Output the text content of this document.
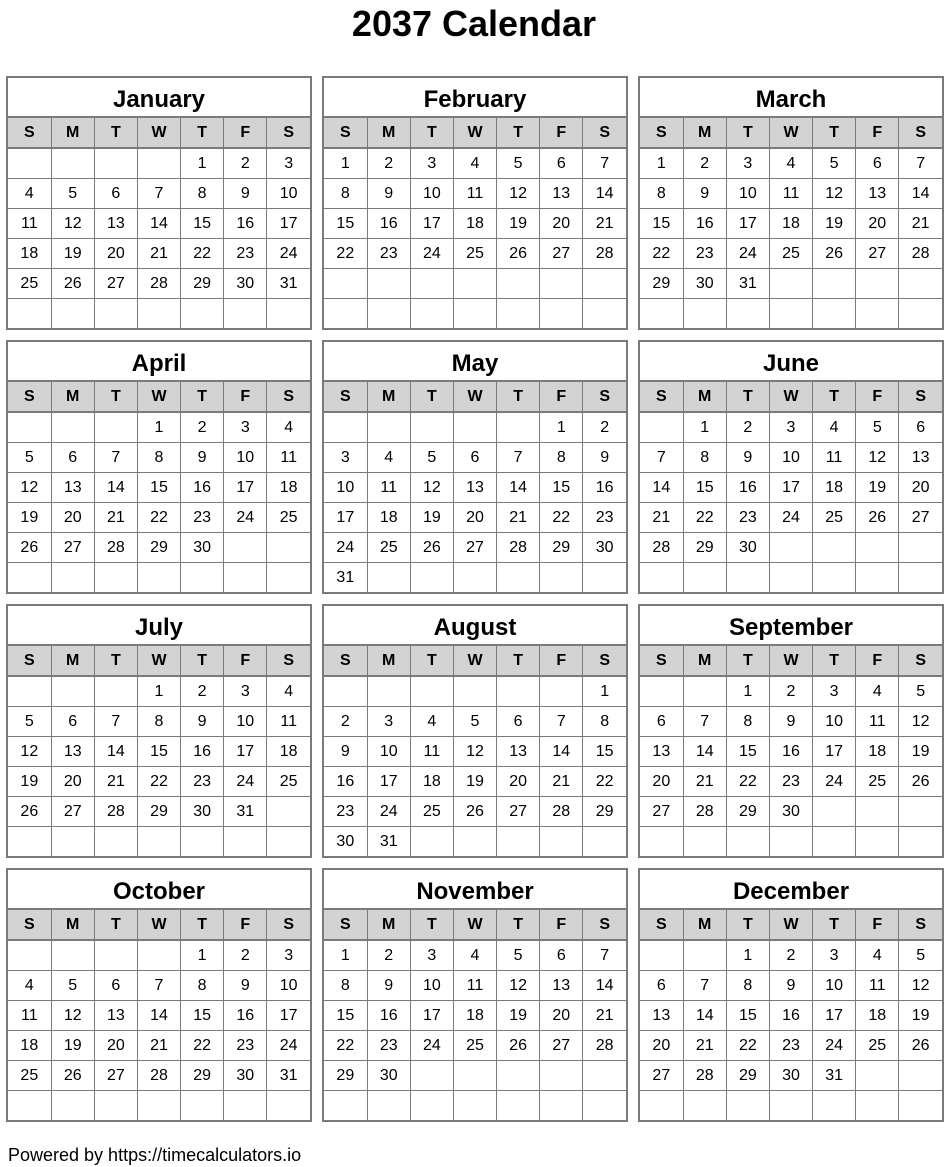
2037 Calendar
January
S	M	T	W	T	F	S
				1	2	3
4	5	6	7	8	9	10
11	12	13	14	15	16	17
18	19	20	21	22	23	24
25	26	27	28	29	30	31

February
S	M	T	W	T	F	S
1	2	3	4	5	6	7
8	9	10	11	12	13	14
15	16	17	18	19	20	21
22	23	24	25	26	27	28

March
S	M	T	W	T	F	S
1	2	3	4	5	6	7
8	9	10	11	12	13	14
15	16	17	18	19	20	21
22	23	24	25	26	27	28
29	30	31				

April
S	M	T	W	T	F	S
			1	2	3	4
5	6	7	8	9	10	11
12	13	14	15	16	17	18
19	20	21	22	23	24	25
26	27	28	29	30		

May
S	M	T	W	T	F	S
					1	2
3	4	5	6	7	8	9
10	11	12	13	14	15	16
17	18	19	20	21	22	23
24	25	26	27	28	29	30
31						
June
S	M	T	W	T	F	S
	1	2	3	4	5	6
7	8	9	10	11	12	13
14	15	16	17	18	19	20
21	22	23	24	25	26	27
28	29	30				

July
S	M	T	W	T	F	S
			1	2	3	4
5	6	7	8	9	10	11
12	13	14	15	16	17	18
19	20	21	22	23	24	25
26	27	28	29	30	31	

August
S	M	T	W	T	F	S
						1
2	3	4	5	6	7	8
9	10	11	12	13	14	15
16	17	18	19	20	21	22
23	24	25	26	27	28	29
30	31					
September
S	M	T	W	T	F	S
		1	2	3	4	5
6	7	8	9	10	11	12
13	14	15	16	17	18	19
20	21	22	23	24	25	26
27	28	29	30			

October
S	M	T	W	T	F	S
				1	2	3
4	5	6	7	8	9	10
11	12	13	14	15	16	17
18	19	20	21	22	23	24
25	26	27	28	29	30	31

November
S	M	T	W	T	F	S
1	2	3	4	5	6	7
8	9	10	11	12	13	14
15	16	17	18	19	20	21
22	23	24	25	26	27	28
29	30					

December
S	M	T	W	T	F	S
		1	2	3	4	5
6	7	8	9	10	11	12
13	14	15	16	17	18	19
20	21	22	23	24	25	26
27	28	29	30	31		

Powered by https://timecalculators.io
